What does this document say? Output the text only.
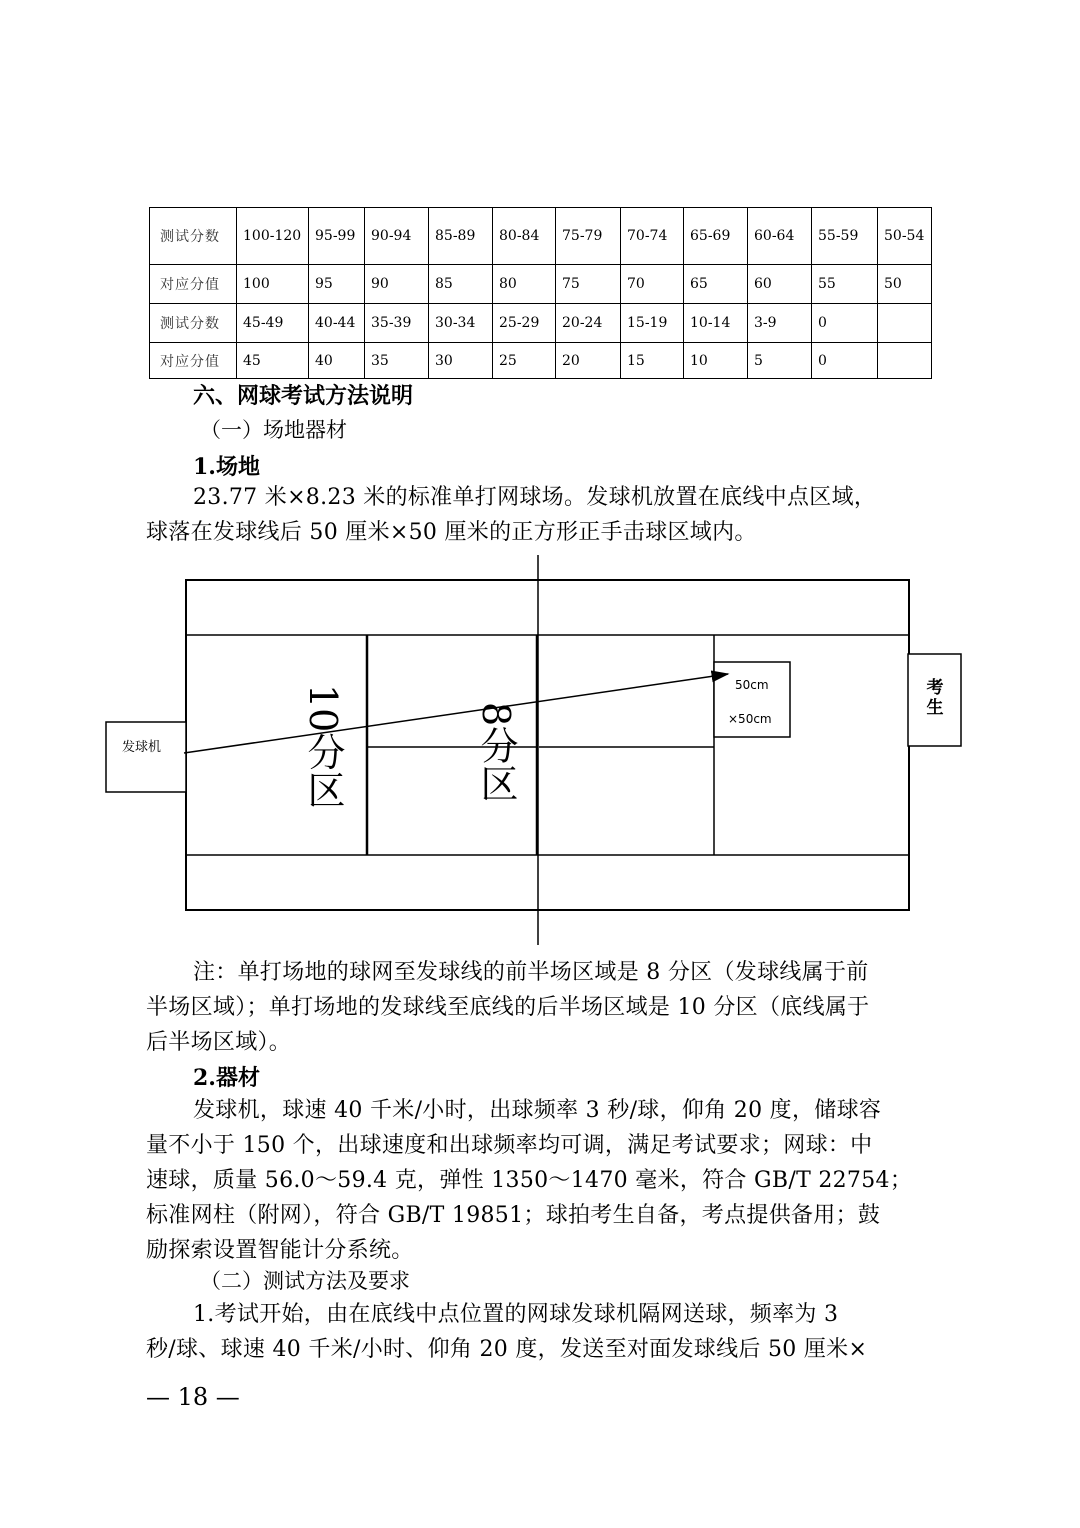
测试分数	100-120	95-99	90-94	85-89	80-84	75-79	70-74	65-69	60-64	55-59	50-54
对应分值	100	95	90	85	80	75	70	65	60	55	50
测试分数	45-49	40-44	35-39	30-34	25-29	20-24	15-19	10-14	3-9	0	
对应分值	45	40	35	30	25	20	15	10	5	0	
六、网球考试方法说明
（一）场地器材
1.场地
23.77 米×8.23 米的标准单打网球场。发球机放置在底线中点区域，
球落在发球线后 50 厘米×50 厘米的正方形正手击球区域内。
发球机
考生
50cm
×50cm
10分区	8分区
注：单打场地的球网至发球线的前半场区域是 8 分区（发球线属于前
半场区域）；单打场地的发球线至底线的后半场区域是 10 分区（底线属于
后半场区域）。
2.器材
发球机，球速 40 千米/小时，出球频率 3 秒/球，仰角 20 度，储球容
量不小于 150 个，出球速度和出球频率均可调，满足考试要求；网球：中
速球，质量 56.0～59.4 克，弹性 1350～1470 毫米，符合 GB/T 22754；
标准网柱（附网），符合 GB/T 19851；球拍考生自备，考点提供备用；鼓
励探索设置智能计分系统。
（二）测试方法及要求
1.考试开始，由在底线中点位置的网球发球机隔网送球，频率为 3
秒/球、球速 40 千米/小时、仰角 20 度，发送至对面发球线后 50 厘米×
— 18 —
